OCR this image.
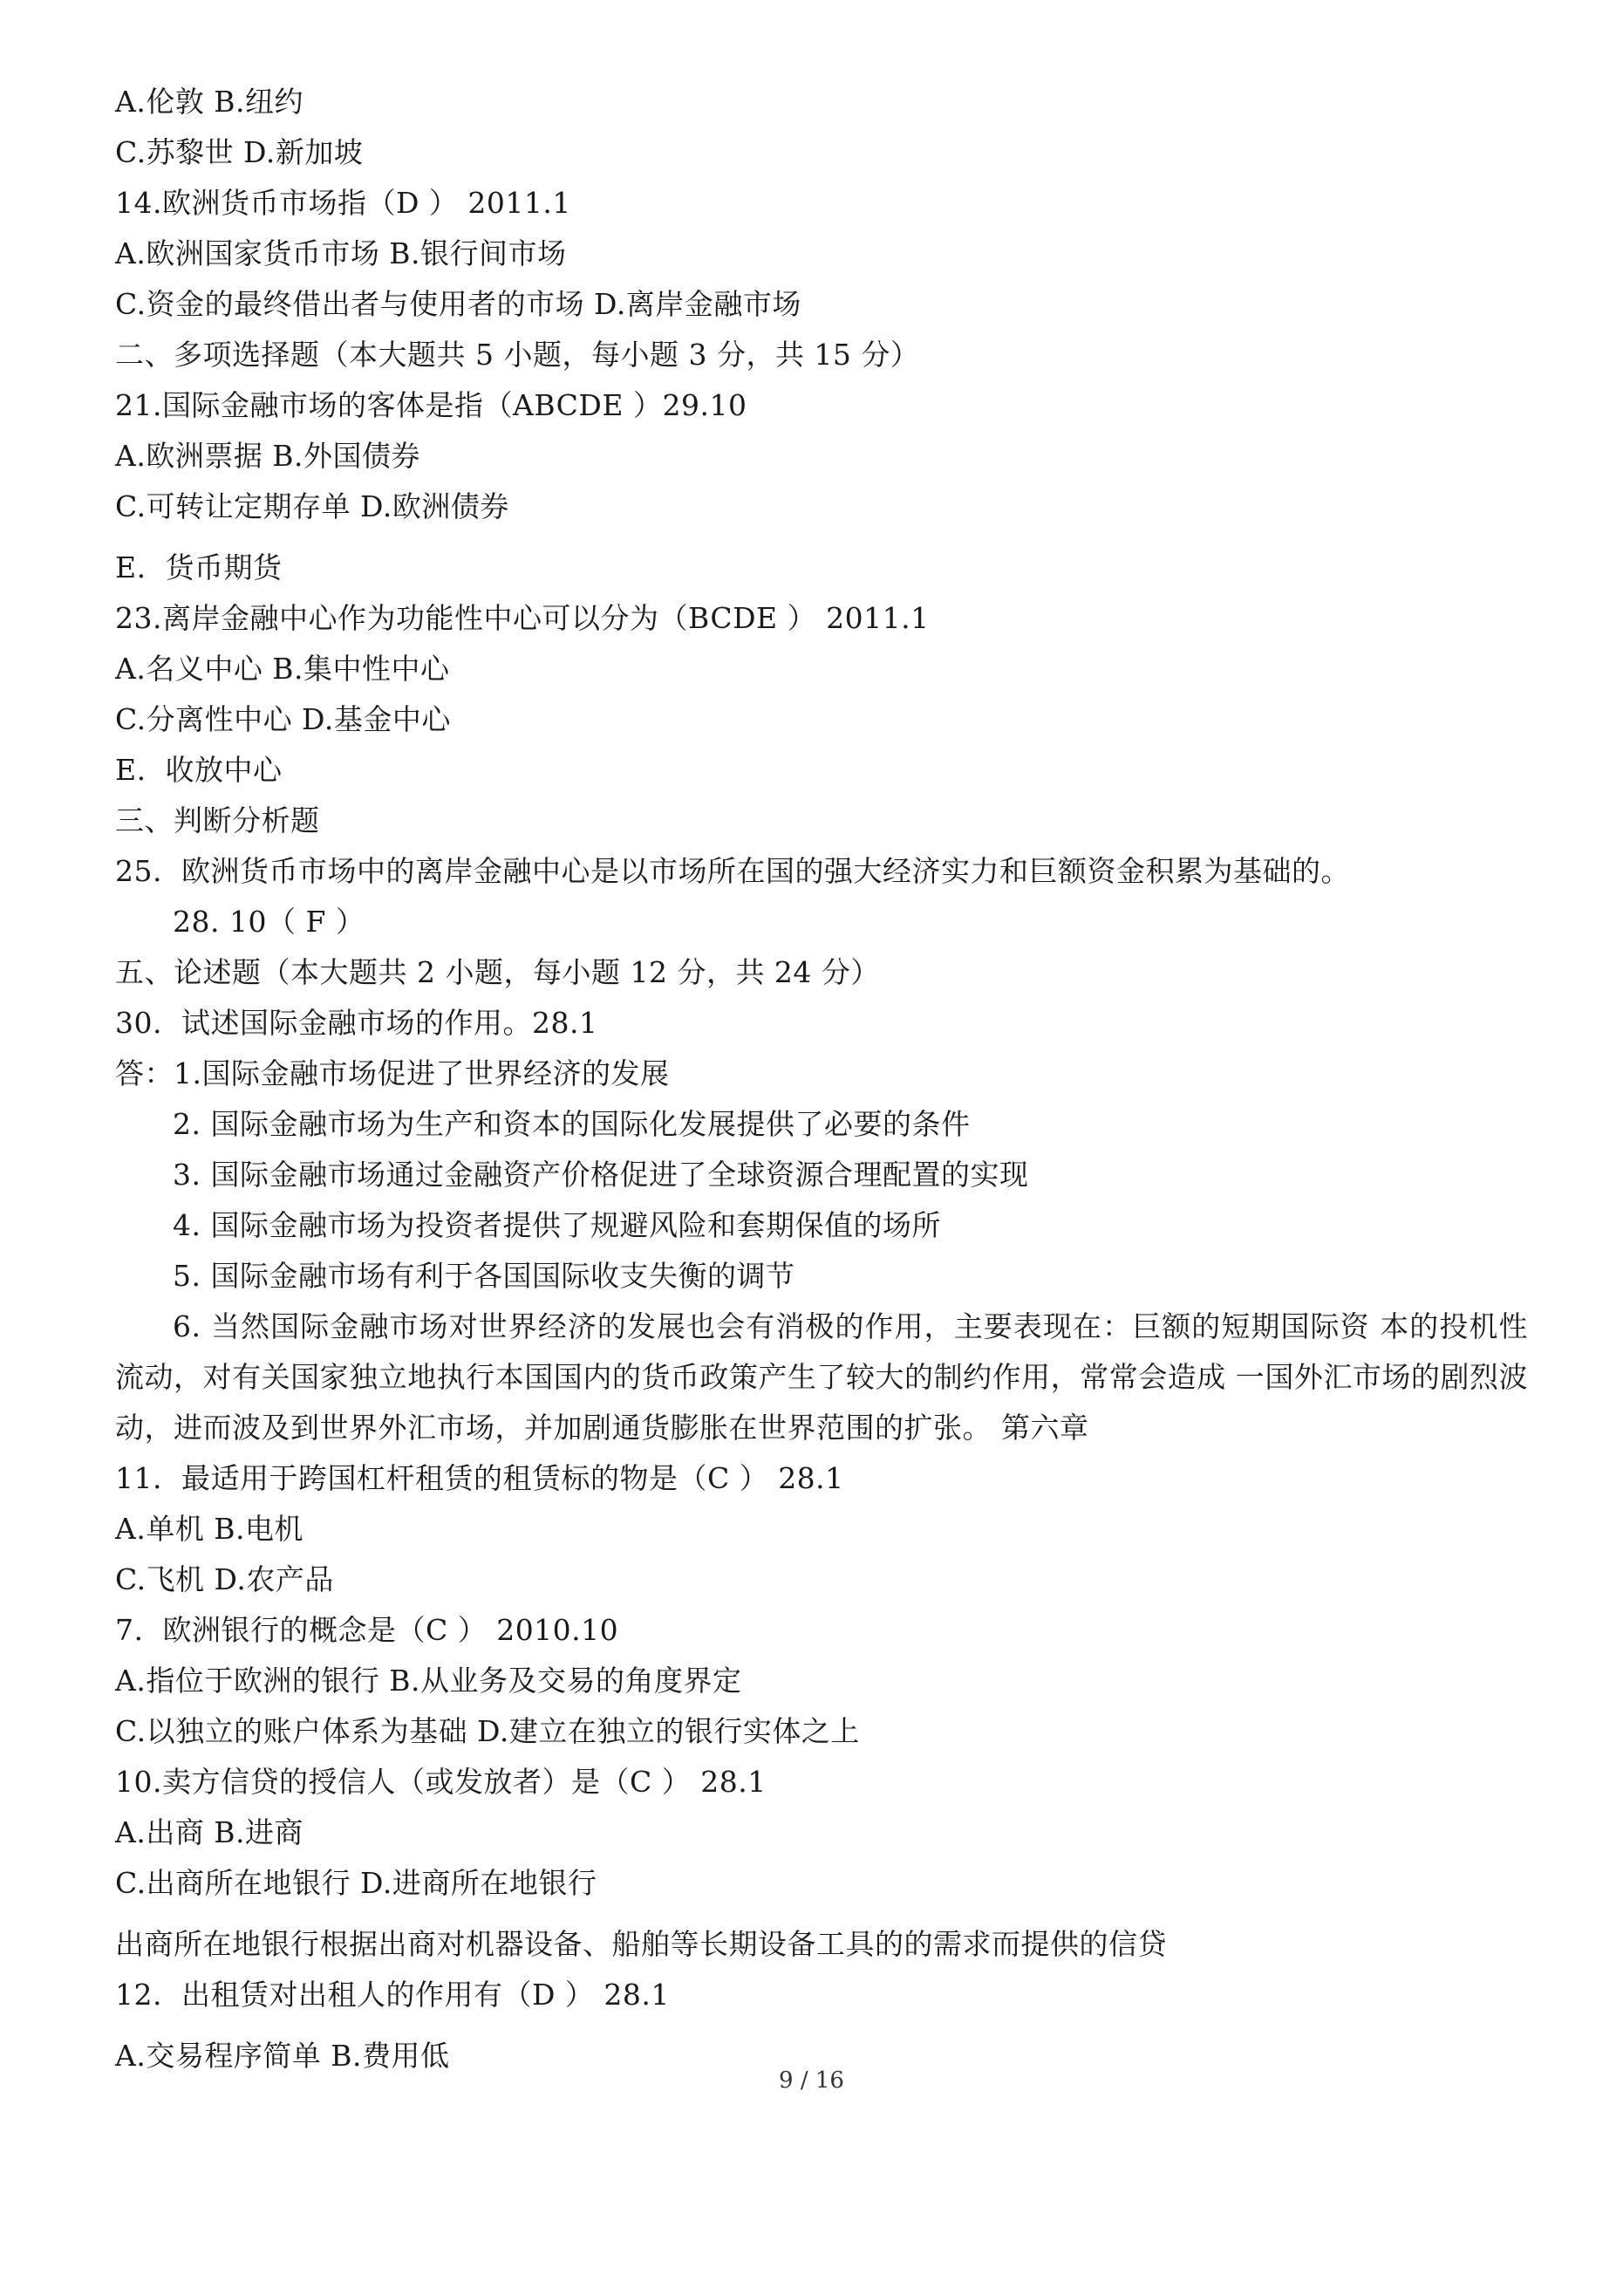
A.伦敦 B.纽约

C.苏黎世 D.新加坡

14.欧洲货币市场指（D ） 2011.1

A.欧洲国家货币市场 B.银行间市场

C.资金的最终借出者与使用者的市场 D.离岸金融市场

二、多项选择题（本大题共 5 小题，每小题 3 分，共 15 分）

21.国际金融市场的客体是指（ABCDE ）29.10

A.欧洲票据 B.外国债券

C.可转让定期存单 D.欧洲债券

E.  货币期货

23.离岸金融中心作为功能性中心可以分为（BCDE ） 2011.1

A.名义中心 B.集中性中心

C.分离性中心 D.基金中心

E.  收放中心

三、判断分析题

25.  欧洲货币市场中的离岸金融中心是以市场所在国的强大经济实力和巨额资金积累为基础的。

28. 10（ F ）

五、论述题（本大题共 2 小题，每小题 12 分，共 24 分）

30.  试述国际金融市场的作用。28.1

答：1.国际金融市场促进了世界经济的发展

2. 国际金融市场为生产和资本的国际化发展提供了必要的条件

3. 国际金融市场通过金融资产价格促进了全球资源合理配置的实现

4. 国际金融市场为投资者提供了规避风险和套期保值的场所

5. 国际金融市场有利于各国国际收支失衡的调节

6. 当然国际金融市场对世界经济的发展也会有消极的作用，主要表现在：巨额的短期国际资 本的投机性流动，对有关国家独立地执行本国国内的货币政策产生了较大的制约作用，常常会造成 一国外汇市场的剧烈波动，进而波及到世界外汇市场，并加剧通货膨胀在世界范围的扩张。 第六章

11.  最适用于跨国杠杆租赁的租赁标的物是（C ） 28.1

A.单机 B.电机

C.飞机 D.农产品

7.  欧洲银行的概念是（C ） 2010.10

A.指位于欧洲的银行 B.从业务及交易的角度界定

C.以独立的账户体系为基础 D.建立在独立的银行实体之上

10.卖方信贷的授信人（或发放者）是（C ） 28.1

A.出商 B.进商

C.出商所在地银行 D.进商所在地银行

出商所在地银行根据出商对机器设备、船舶等长期设备工具的的需求而提供的信贷

12.  出租赁对出租人的作用有（D ） 28.1

A.交易程序简单 B.费用低

9 / 16
